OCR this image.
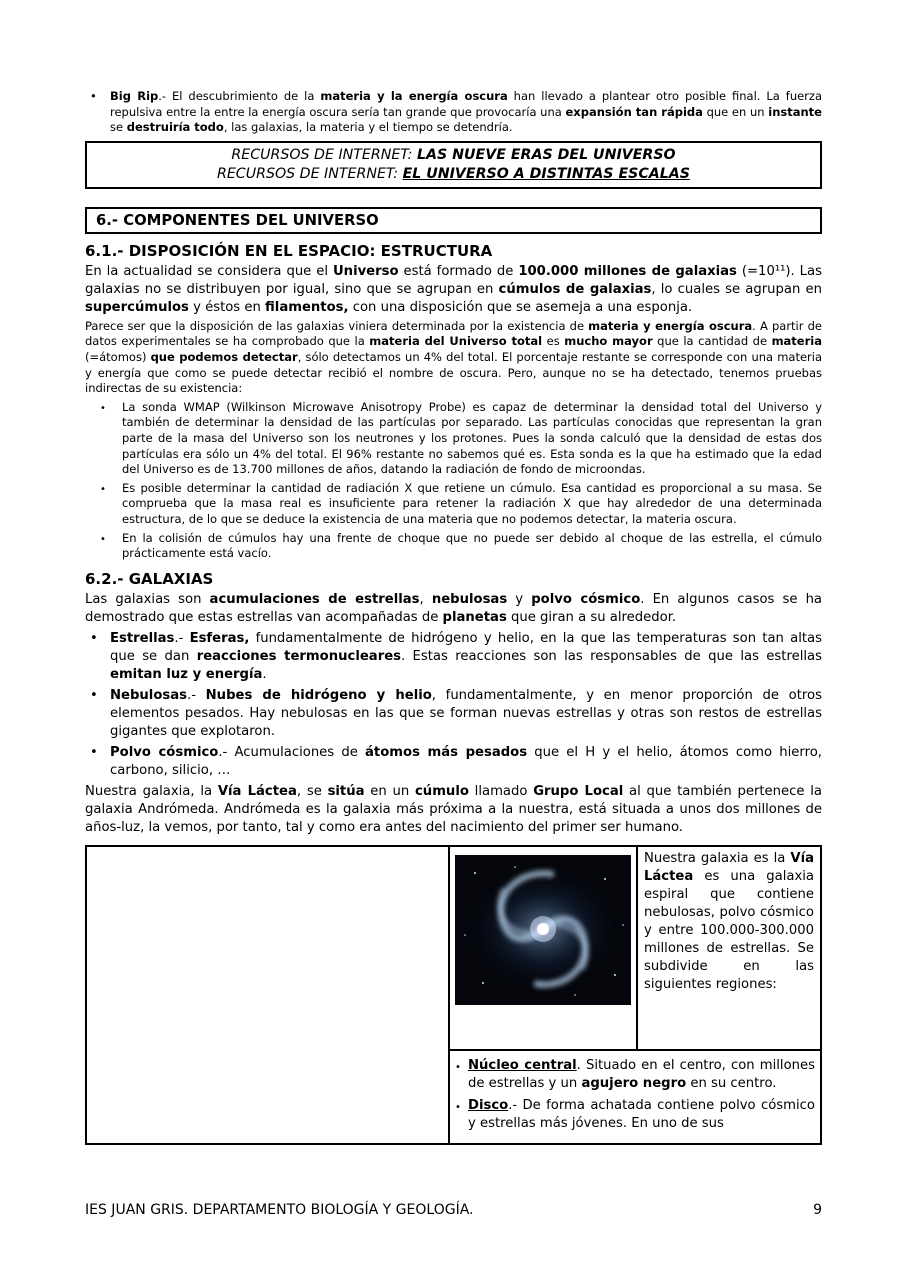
• Big Rip.- El descubrimiento de la materia y la energía oscura han llevado a plantear otro posible final. La fuerza repulsiva entre la entre la energía oscura sería tan grande que provocaría una expansión tan rápida que en un instante se destruiría todo, las galaxias, la materia y el tiempo se detendría.
RECURSOS DE INTERNET: LAS NUEVE ERAS DEL UNIVERSO
RECURSOS DE INTERNET: EL UNIVERSO A DISTINTAS ESCALAS
6.- COMPONENTES DEL UNIVERSO
6.1.- DISPOSICIÓN EN EL ESPACIO: ESTRUCTURA

En la actualidad se considera que el Universo está formado de 100.000 millones de galaxias (=10¹¹). Las galaxias no se distribuyen por igual, sino que se agrupan en cúmulos de galaxias, lo cuales se agrupan en supercúmulos y éstos en filamentos, con una disposición que se asemeja a una esponja.

Parece ser que la disposición de las galaxias viniera determinada por la existencia de materia y energía oscura. A partir de datos experimentales se ha comprobado que la materia del Universo total es mucho mayor que la cantidad de materia (=átomos) que podemos detectar, sólo detectamos un 4% del total. El porcentaje restante se corresponde con una materia y energía que como se puede detectar recibió el nombre de oscura. Pero, aunque no se ha detectado, tenemos pruebas indirectas de su existencia:

• La sonda WMAP (Wilkinson Microwave Anisotropy Probe) es capaz de determinar la densidad total del Universo y también de determinar la densidad de las partículas por separado. Las partículas conocidas que representan la gran parte de la masa del Universo son los neutrones y los protones. Pues la sonda calculó que la densidad de estas dos partículas era sólo un 4% del total. El 96% restante no sabemos qué es. Esta sonda es la que ha estimado que la edad del Universo es de 13.700 millones de años, datando la radiación de fondo de microondas.
• Es posible determinar la cantidad de radiación X que retiene un cúmulo. Esa cantidad es proporcional a su masa. Se comprueba que la masa real es insuficiente para retener la radiación X que hay alrededor de una determinada estructura, de lo que se deduce la existencia de una materia que no podemos detectar, la materia oscura.
• En la colisión de cúmulos hay una frente de choque que no puede ser debido al choque de las estrella, el cúmulo prácticamente está vacío.
6.2.- GALAXIAS

Las galaxias son acumulaciones de estrellas, nebulosas y polvo cósmico. En algunos casos se ha demostrado que estas estrellas van acompañadas de planetas que giran a su alrededor.

• Estrellas.- Esferas, fundamentalmente de hidrógeno y helio, en la que las temperaturas son tan altas que se dan reacciones termonucleares. Estas reacciones son las responsables de que las estrellas emitan luz y energía.
• Nebulosas.- Nubes de hidrógeno y helio, fundamentalmente, y en menor proporción de otros elementos pesados. Hay nebulosas en las que se forman nuevas estrellas y otras son restos de estrellas gigantes que explotaron.
• Polvo cósmico.- Acumulaciones de átomos más pesados que el H y el helio, átomos como hierro, carbono, silicio, …

Nuestra galaxia, la Vía Láctea, se sitúa en un cúmulo llamado Grupo Local al que también pertenece la galaxia Andrómeda. Andrómeda es la galaxia más próxima a la nuestra, está situada a unos dos millones de años-luz, la vemos, por tanto, tal y como era antes del nacimiento del primer ser humano.

Nuestra galaxia es la Vía Láctea es una galaxia espiral que contiene nebulosas, polvo cósmico y entre 100.000-300.000 millones de estrellas. Se subdivide en las siguientes regiones:
• Núcleo central. Situado en el centro, con millones de estrellas y un agujero negro en su centro.
• Disco.- De forma achatada contiene polvo cósmico y estrellas más jóvenes. En uno de sus
IES JUAN GRIS. DEPARTAMENTO BIOLOGÍA Y GEOLOGÍA.	9
